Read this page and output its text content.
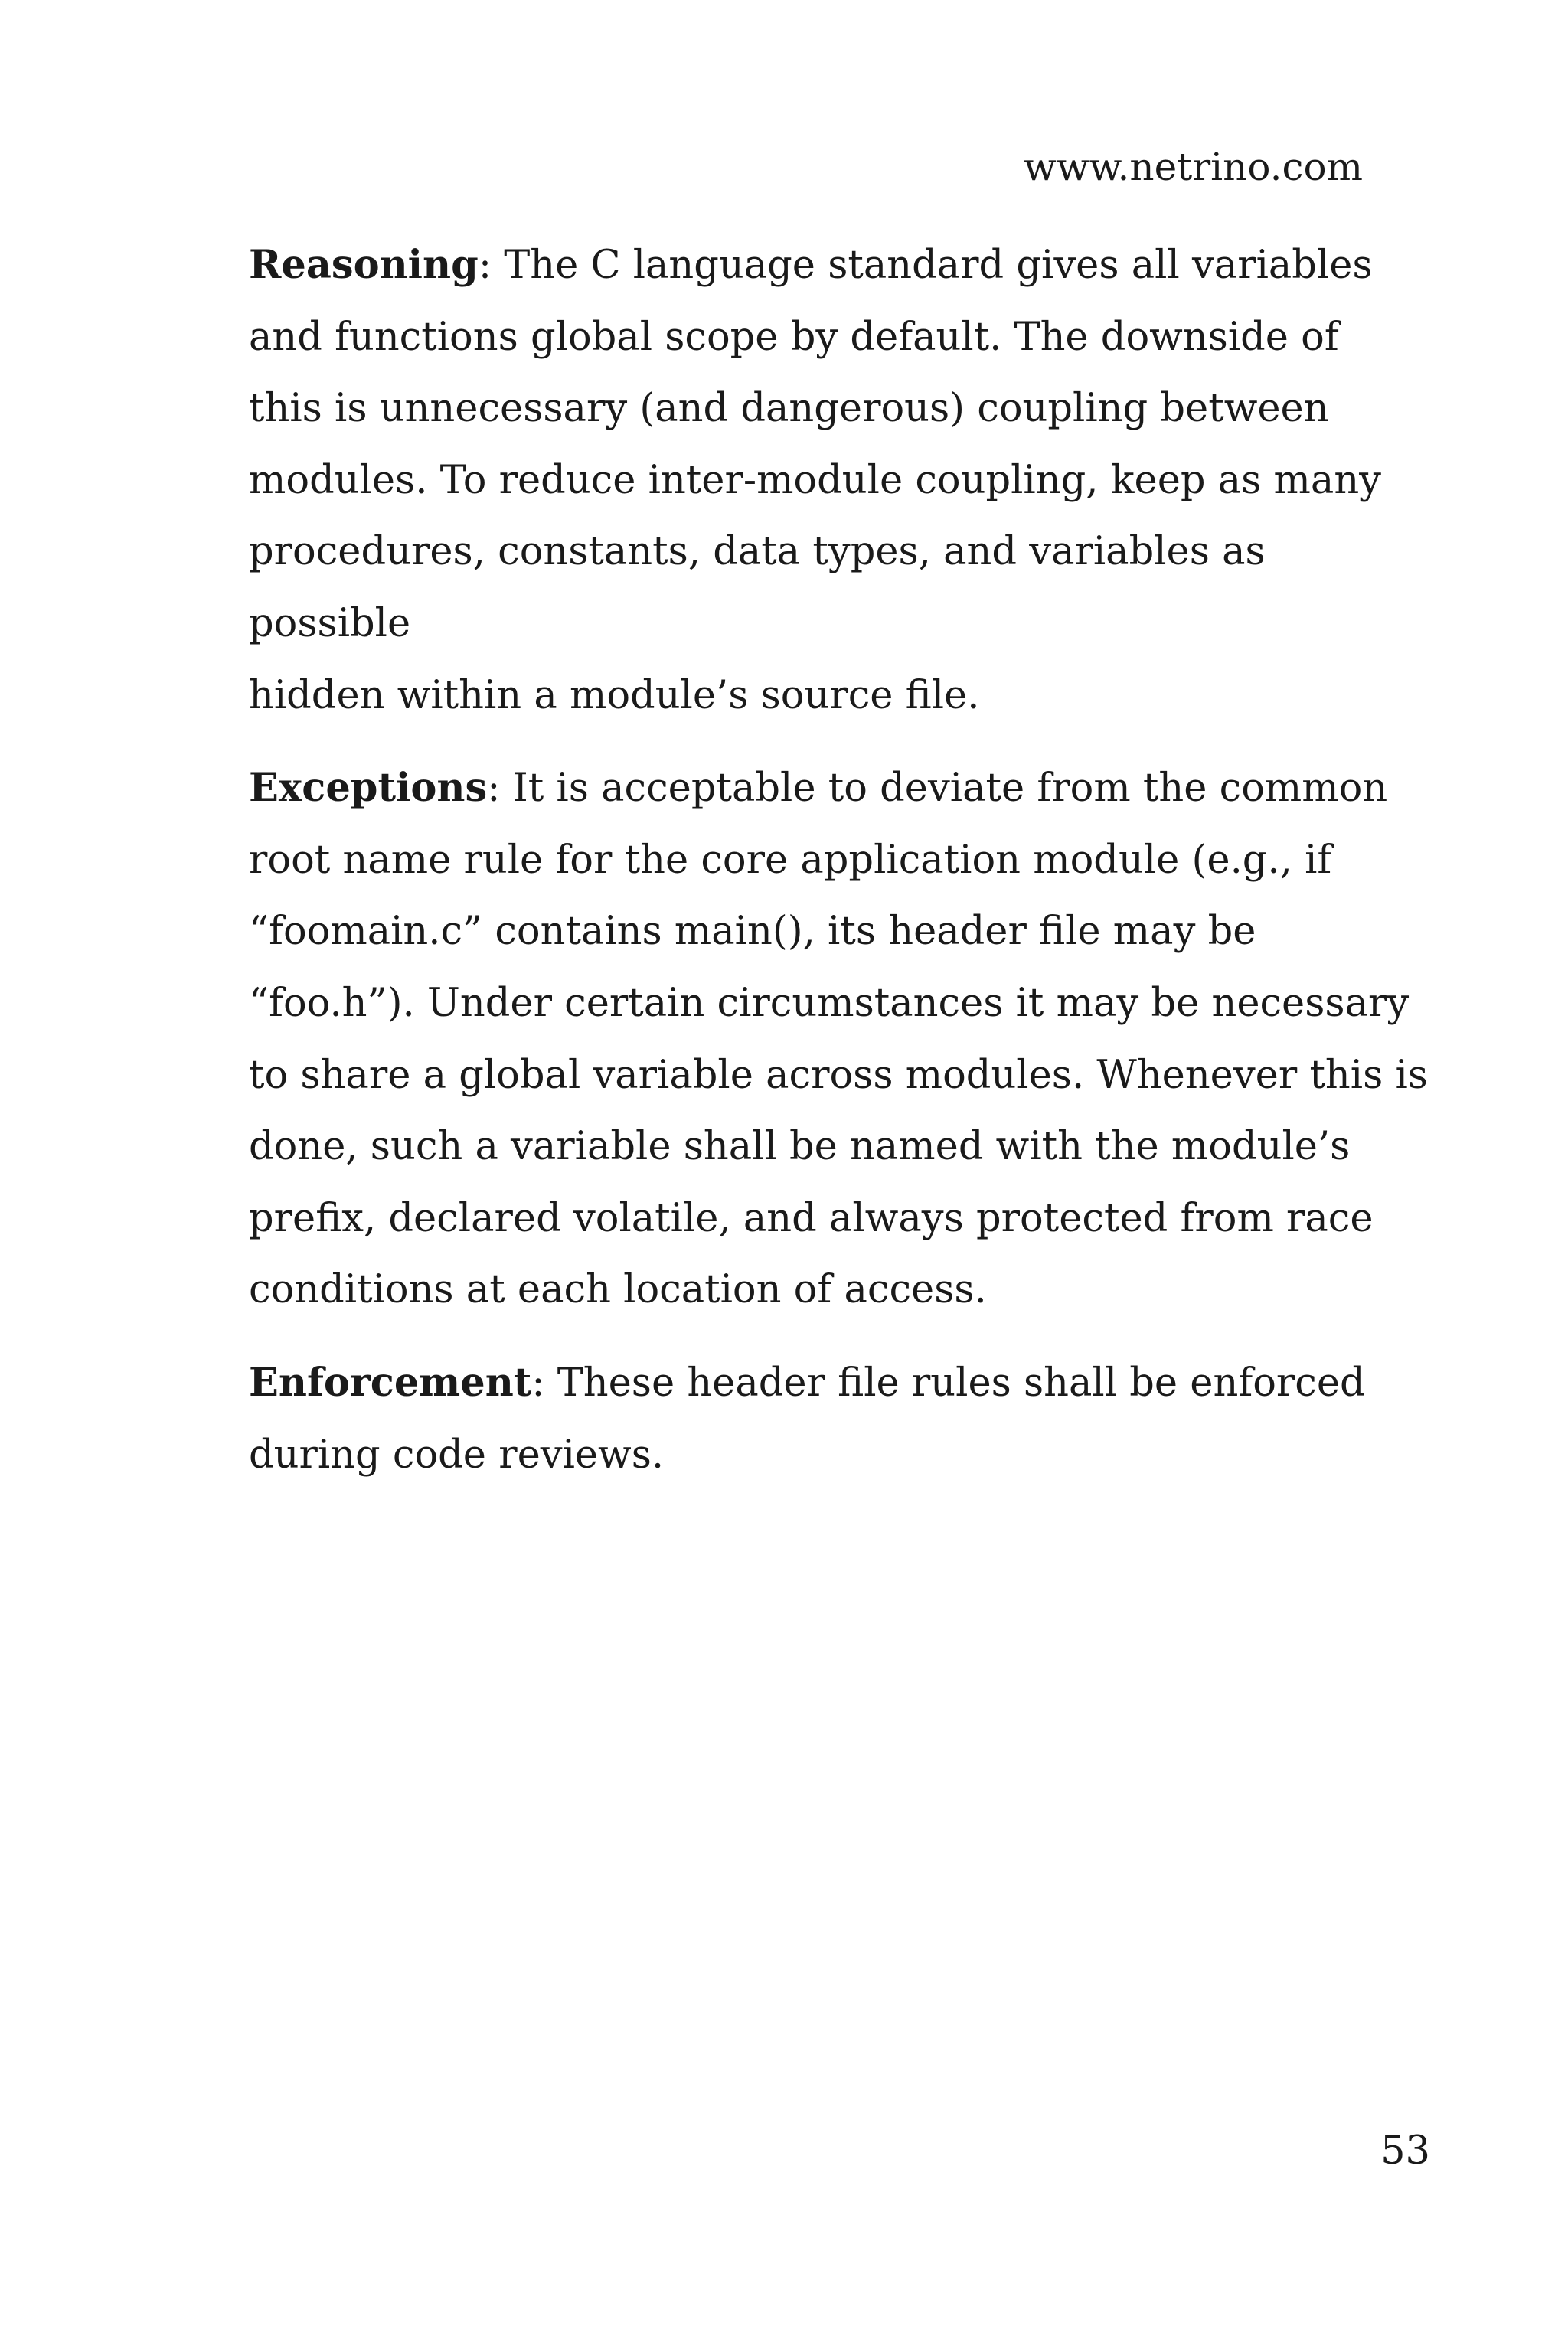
www.netrino.com

Reasoning: The C language standard gives all variables
and functions global scope by default. The downside of
this is unnecessary (and dangerous) coupling between
modules. To reduce inter-module coupling, keep as many
procedures, constants, data types, and variables as possible
hidden within a module’s source file.

Exceptions: It is acceptable to deviate from the common
root name rule for the core application module (e.g., if
“foomain.c” contains main(), its header file may be
“foo.h”). Under certain circumstances it may be necessary
to share a global variable across modules. Whenever this is
done, such a variable shall be named with the module’s
prefix, declared volatile, and always protected from race
conditions at each location of access.

Enforcement: These header file rules shall be enforced
during code reviews.

53
